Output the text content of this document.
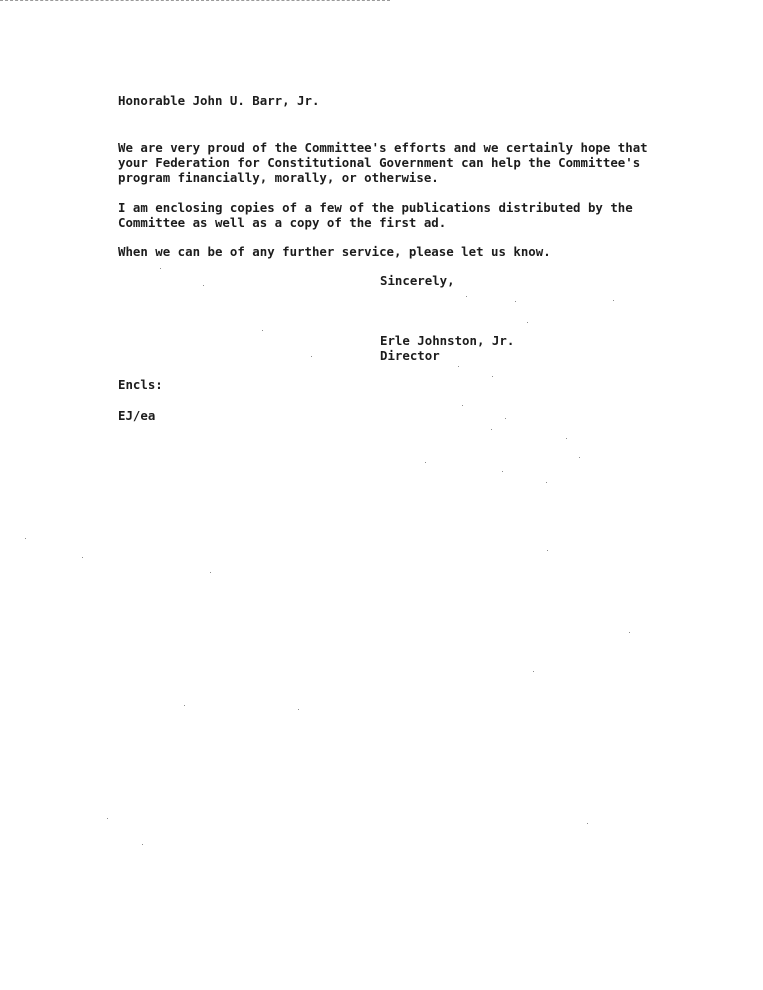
Honorable John U. Barr, Jr.
We are very proud of the Committee's efforts and we certainly hope that
your Federation for Constitutional Government can help the Committee's
program financially, morally, or otherwise.
I am enclosing copies of a few of the publications distributed by the
Committee as well as a copy of the first ad.
When we can be of any further service, please let us know.
Sincerely,
Erle Johnston, Jr.
Director
Encls:
EJ/ea
